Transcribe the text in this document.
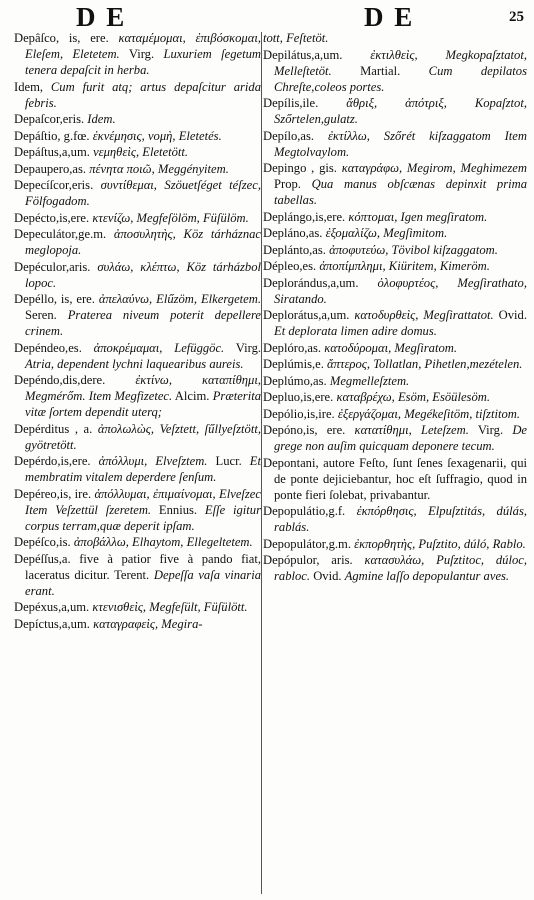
D E	D E	25

Depâſco, is, ere. καταμέμομαι, ἐπιβόσκομαι, Eleſem, Eletetem. Virg. Luxuriem ſegetum tenera depaſcit in herba.

Idem, Cum furit atq; artus depaſcitur arida febris.

Depaſcor,eris. Idem.

Depáſtio, g.fœ. ἐκνέμησις, νομὴ, Eletetés.

Depáſtus,a,um. νεμηθεὶς, Eletetött.

Depauperο,as. πένητα ποιῶ, Meggényitem.

Depecíſcor,eris. συντίθεμαι, Szöuetſéget téſzec, Fölfogadom.

Depécto,is,ere. κτενίζω, Megfeſölöm, Füſülöm.

Depeculátor,ge.m. ἀποσυλητὴς, Köz tárháznac meglopoja.

Depéculor,aris. συλάω, κλέπτω, Köz tárházbol lopoc.

Depéllo, is, ere. ἀπελαύνω, Elűzöm, Elkergetem. Seren. Praterea niveum poterit depellere crinem.

Depéndeo,es. ἀποκρέμαμαι, Lefüggöc. Virg. Atria, dependent lychni laquearibus aureis.

Depéndo,dis,dere. ἐκτίνω, καταπίθημι, Megmérőm. Item Megfizetec. Alcim. Præterita vitæ ſortem dependit uterq;

Depérditus , a. ἀπολωλὼς, Veſztett, ſűllyeſztött, gyötretött.

Depérdo,is,ere. ἀπόλλυμι, Elveſztem. Lucr. Et membratim vitalem deperdere ſenſum.

Depéreo,is, ire. ἀπόλλυμαι, ἐπιμαίνομαι, Elveſzec Item Veſzettül ſzeretem. Ennius. Eſſe igitur corpus terram,quæ deperit ipſam.

Depéſco,is. ἀποβάλλω, Elhaytom, Ellegeltetem.

Depéſſus,a. five à patior five à pando fiat, laceratus dicitur. Terent. Depeſſa vaſa vinaria erant.

Depéxus,a,um. κτενισθεὶς, Megfeſült, Füſülött.

Depíctus,a,um. καταγραφεὶς, Megira-

tott, Feſtetöt.

Depilátus,a,um. ἐκτιλθεὶς, Megkopaſztatot, Melleſtetöt. Martial. Cum depilatos Chreſte,coleos portes.

Depílis,ile. ἄθριξ, ἀπότριξ, Kopaſztot, Szőrtelen,gulatz.

Depílo,as. ἐκτίλλω, Szőrét kiſzaggatom Item Megtolvaylom.

Depingo , gis. καταγράφω, Megirom, Meghimezem Prop. Qua manus obſcænas depinxit prima tabellas.

Deplángo,is,ere. κόπτομαι, Igen megſiratom.

Depláno,as. ἐξομαλίζω, Megſimitom.

Deplánto,as. ἀποφυτεύω, Tövibol kiſzaggatom.

Dépleo,es. ἀποπίμπλημι, Kiüritem, Kimeröm.

Deplorándus,a,um. ὀλοφυρτέος, Megſirathato, Siratando.

Deplorátus,a,um. κατοδυρθεὶς, Megſirattatot. Ovid. Et deplorata limen adire domus.

Deplóro,as. κατοδύρομαι, Megſiratom.

Deplúmis,e. ἄπτερος, Tollatlan, Pihetlen,mezételen.

Deplúmo,as. Megmelleſztem.

Depluo,is,ere. καταβρέχω, Esöm, Esöülesöm.

Depólio,is,ire. ἐξεργάζομαι, Megékeſitöm, tiſztitom.

Depóno,is, ere. κατατίθημι, Leteſzem. Virg. De grege non auſim quicquam deponere tecum.

Depontani, autore Feſto, ſunt ſenes ſexagenarii, qui de ponte dejiciebantur, hoc eſt ſuffragio, quod in ponte fieri ſolebat, privabantur.

Depopulátio,g.f. ἐκπόρθησις, Elpuſztitás, dúlás, rablás.

Depopulátor,g.m. ἐκπορθητὴς, Puſztito, dúló, Rablo.

Depópulor, aris. κατασυλάω, Puſztitoc, dúloc, rabloc. Ovid. Agmine laſſo depopulantur aves.
